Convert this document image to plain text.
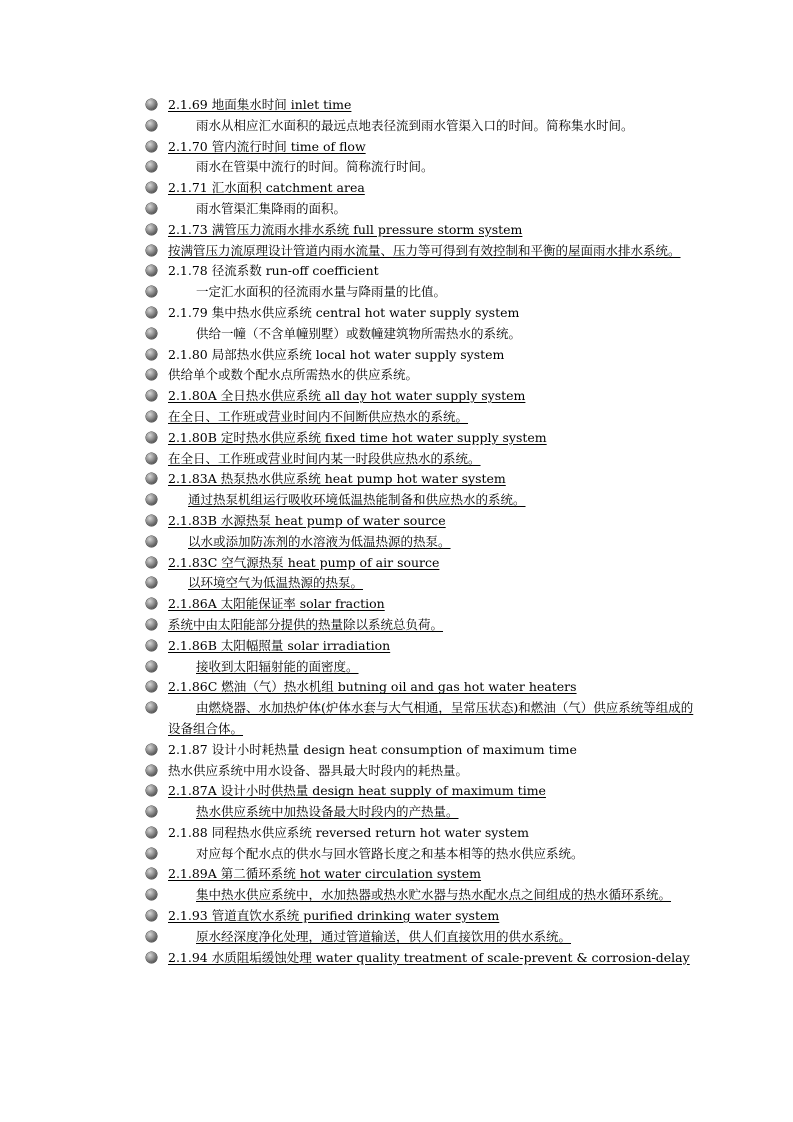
2.1.69 地面集水时间 inlet time
雨水从相应汇水面积的最远点地表径流到雨水管渠入口的时间。简称集水时间。
2.1.70 管内流行时间 time of flow
雨水在管渠中流行的时间。简称流行时间。
2.1.71 汇水面积 catchment area
雨水管渠汇集降雨的面积。
2.1.73 满管压力流雨水排水系统 full pressure storm system
按满管压力流原理设计管道内雨水流量、压力等可得到有效控制和平衡的屋面雨水排水系统。
2.1.78 径流系数 run-off coefficient
一定汇水面积的径流雨水量与降雨量的比值。
2.1.79 集中热水供应系统 central hot water supply system
供给一幢（不含单幢别墅）或数幢建筑物所需热水的系统。
2.1.80 局部热水供应系统 local hot water supply system
供给单个或数个配水点所需热水的供应系统。
2.1.80A 全日热水供应系统 all day hot water supply system
在全日、工作班或营业时间内不间断供应热水的系统。
2.1.80B 定时热水供应系统 fixed time hot water supply system
在全日、工作班或营业时间内某一时段供应热水的系统。
2.1.83A 热泵热水供应系统 heat pump hot water system
通过热泵机组运行吸收环境低温热能制备和供应热水的系统。
2.1.83B 水源热泵 heat pump of water source
以水或添加防冻剂的水溶液为低温热源的热泵。
2.1.83C 空气源热泵 heat pump of air source
以环境空气为低温热源的热泵。
2.1.86A 太阳能保证率 solar fraction
系统中由太阳能部分提供的热量除以系统总负荷。
2.1.86B 太阳幅照量 solar irradiation
接收到太阳辐射能的面密度。
2.1.86C 燃油（气）热水机组 butning oil and gas hot water heaters
由燃烧器、水加热炉体(炉体水套与大气相通，呈常压状态)和燃油（气）供应系统等组成的设备组合体。
2.1.87 设计小时耗热量 design heat consumption of maximum time
热水供应系统中用水设备、器具最大时段内的耗热量。
2.1.87A 设计小时供热量 design heat supply of maximum time
热水供应系统中加热设备最大时段内的产热量。
2.1.88 同程热水供应系统 reversed return hot water system
对应每个配水点的供水与回水管路长度之和基本相等的热水供应系统。
2.1.89A 第二循环系统 hot water circulation system
集中热水供应系统中，水加热器或热水贮水器与热水配水点之间组成的热水循环系统。
2.1.93 管道直饮水系统 purified drinking water system
原水经深度净化处理，通过管道输送，供人们直接饮用的供水系统。
2.1.94 水质阻垢缓蚀处理 water quality treatment of scale-prevent & corrosion-delay
